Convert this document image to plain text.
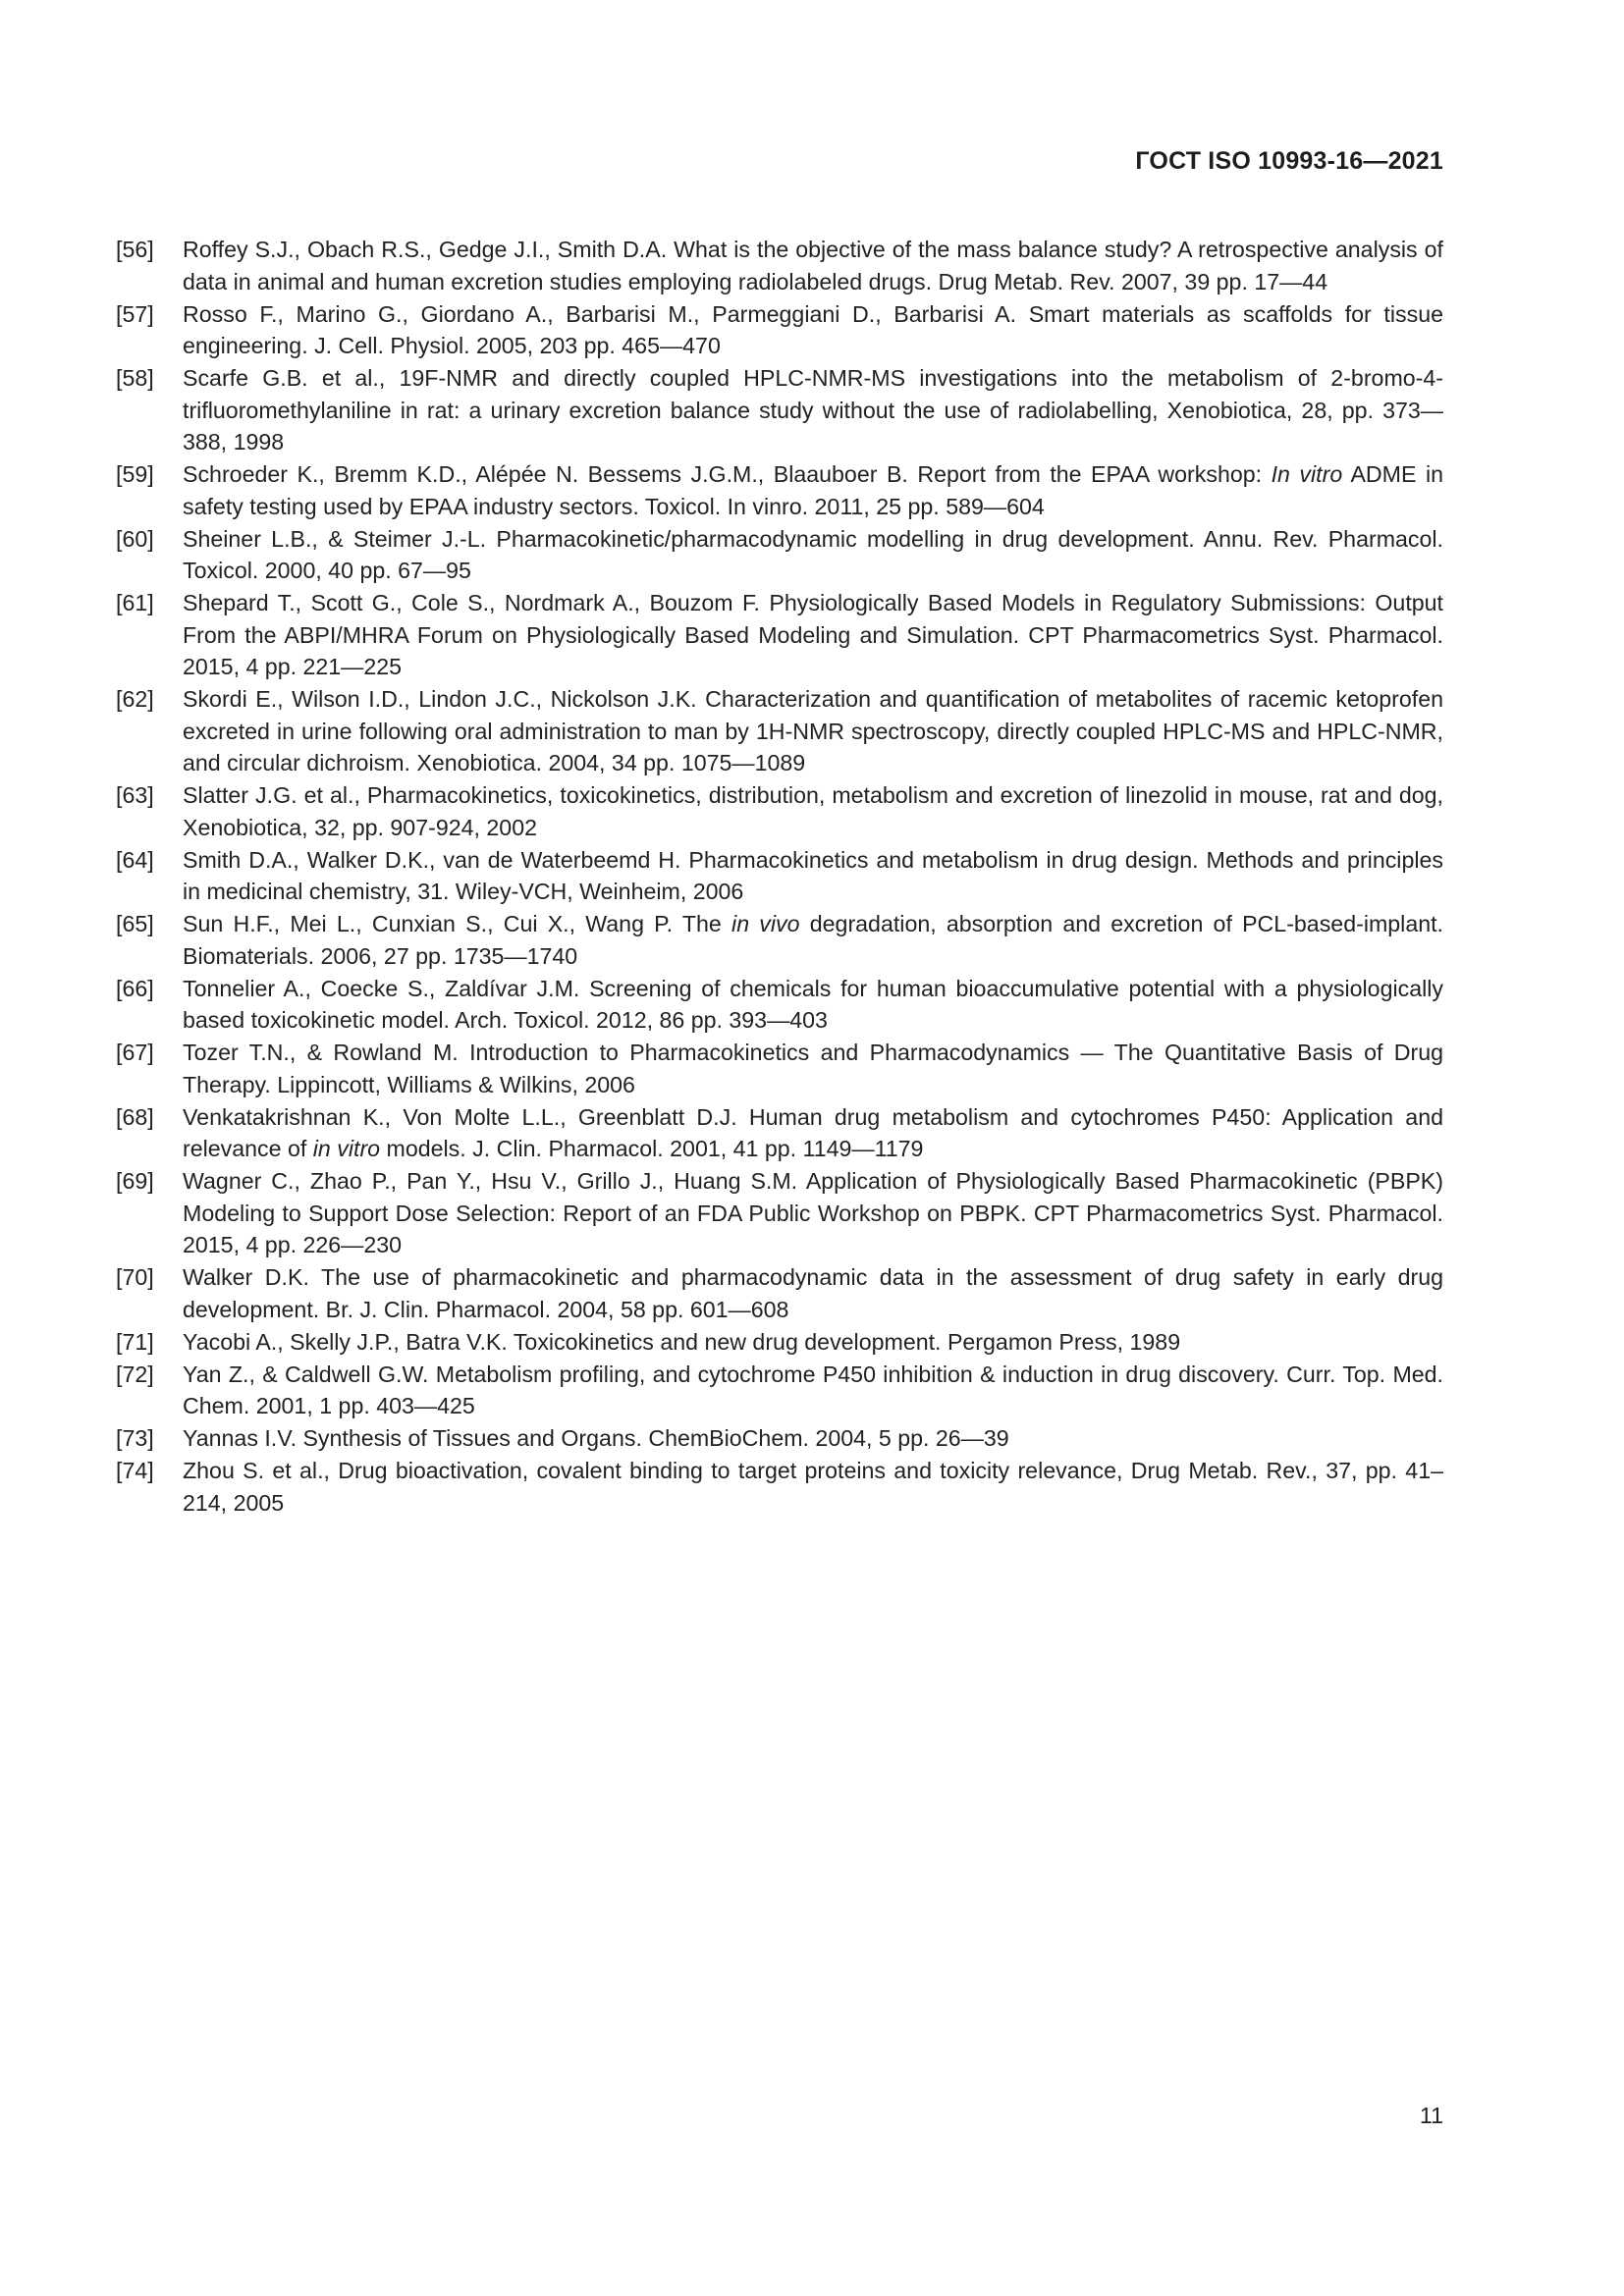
ГОСТ ISO 10993-16—2021
[56]	Roffey S.J., Obach R.S., Gedge J.I., Smith D.A. What is the objective of the mass balance study? A retrospective analysis of data in animal and human excretion studies employing radiolabeled drugs. Drug Metab. Rev. 2007, 39 pp. 17—44
[57]	Rosso F., Marino G., Giordano A., Barbarisi M., Parmeggiani D., Barbarisi A. Smart materials as scaffolds for tissue engineering. J. Cell. Physiol. 2005, 203 pp. 465—470
[58]	Scarfe G.B. et al., 19F-NMR and directly coupled HPLC-NMR-MS investigations into the metabolism of 2-bromo-4-trifluoromethylaniline in rat: a urinary excretion balance study without the use of radiolabelling, Xenobiotica, 28, pp. 373—388, 1998
[59]	Schroeder K., Bremm K.D., Alépée N. Bessems J.G.M., Blaauboer B. Report from the EPAA workshop: In vitro ADME in safety testing used by EPAA industry sectors. Toxicol. In vinro. 2011, 25 pp. 589—604
[60]	Sheiner L.B., & Steimer J.-L. Pharmacokinetic/pharmacodynamic modelling in drug development. Annu. Rev. Pharmacol. Toxicol. 2000, 40 pp. 67—95
[61]	Shepard T., Scott G., Cole S., Nordmark A., Bouzom F. Physiologically Based Models in Regulatory Submissions: Output From the ABPI/MHRA Forum on Physiologically Based Modeling and Simulation. CPT Pharmacometrics Syst. Pharmacol. 2015, 4 pp. 221—225
[62]	Skordi E., Wilson I.D., Lindon J.C., Nickolson J.K. Characterization and quantification of metabolites of racemic ketoprofen excreted in urine following oral administration to man by 1H-NMR spectroscopy, directly coupled HPLC-MS and HPLC-NMR, and circular dichroism. Xenobiotica. 2004, 34 pp. 1075—1089
[63]	Slatter J.G. et al., Pharmacokinetics, toxicokinetics, distribution, metabolism and excretion of linezolid in mouse, rat and dog, Xenobiotica, 32, pp. 907-924, 2002
[64]	Smith D.A., Walker D.K., van de Waterbeemd H. Pharmacokinetics and metabolism in drug design. Methods and principles in medicinal chemistry, 31. Wiley-VCH, Weinheim, 2006
[65]	Sun H.F., Mei L., Cunxian S., Cui X., Wang P. The in vivo degradation, absorption and excretion of PCL-based-implant. Biomaterials. 2006, 27 pp. 1735—1740
[66]	Tonnelier A., Coecke S., Zaldívar J.M. Screening of chemicals for human bioaccumulative potential with a physiologically based toxicokinetic model. Arch. Toxicol. 2012, 86 pp. 393—403
[67]	Tozer T.N., & Rowland M. Introduction to Pharmacokinetics and Pharmacodynamics — The Quantitative Basis of Drug Therapy. Lippincott, Williams & Wilkins, 2006
[68]	Venkatakrishnan K., Von Molte L.L., Greenblatt D.J. Human drug metabolism and cytochromes P450: Application and relevance of in vitro models. J. Clin. Pharmacol. 2001, 41 pp. 1149—1179
[69]	Wagner C., Zhao P., Pan Y., Hsu V., Grillo J., Huang S.M. Application of Physiologically Based Pharmacokinetic (PBPK) Modeling to Support Dose Selection: Report of an FDA Public Workshop on PBPK. CPT Pharmacometrics Syst. Pharmacol. 2015, 4 pp. 226—230
[70]	Walker D.K. The use of pharmacokinetic and pharmacodynamic data in the assessment of drug safety in early drug development. Br. J. Clin. Pharmacol. 2004, 58 pp. 601—608
[71]	Yacobi A., Skelly J.P., Batra V.K. Toxicokinetics and new drug development. Pergamon Press, 1989
[72]	Yan Z., & Caldwell G.W. Metabolism profiling, and cytochrome P450 inhibition & induction in drug discovery. Curr. Top. Med. Chem. 2001, 1 pp. 403—425
[73]	Yannas I.V. Synthesis of Tissues and Organs. ChemBioChem. 2004, 5 pp. 26—39
[74]	Zhou S. et al., Drug bioactivation, covalent binding to target proteins and toxicity relevance, Drug Metab. Rev., 37, pp. 41–214, 2005
11
